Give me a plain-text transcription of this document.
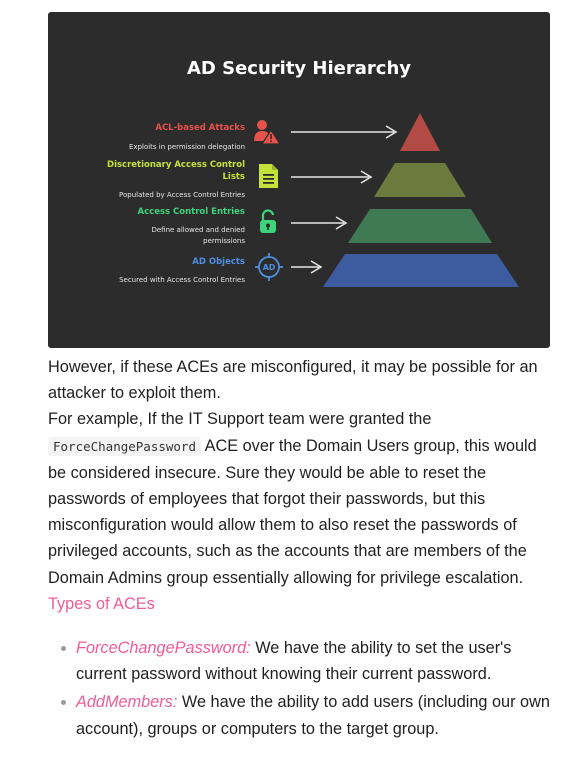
AD Security Hierarchy
ACL-based Attacks
Exploits in permission delegation
Discretionary Access Control
Lists
Populated by Access Control Entries
Access Control Entries
Define allowed and denied
permissions
AD Objects
Secured with Access Control Entries
AD

However, if these ACEs are misconfigured, it may be possible for an attacker to exploit them.

For example, If the IT Support team were granted the ForceChangePassword ACE over the Domain Users group, this would be considered insecure. Sure they would be able to reset the passwords of employees that forgot their passwords, but this misconfiguration would allow them to also reset the passwords of privileged accounts, such as the accounts that are members of the Domain Admins group essentially allowing for privilege escalation.

Types of ACEs

ForceChangePassword: We have the ability to set the user's current password without knowing their current password.
AddMembers: We have the ability to add users (including our own account), groups or computers to the target group.
